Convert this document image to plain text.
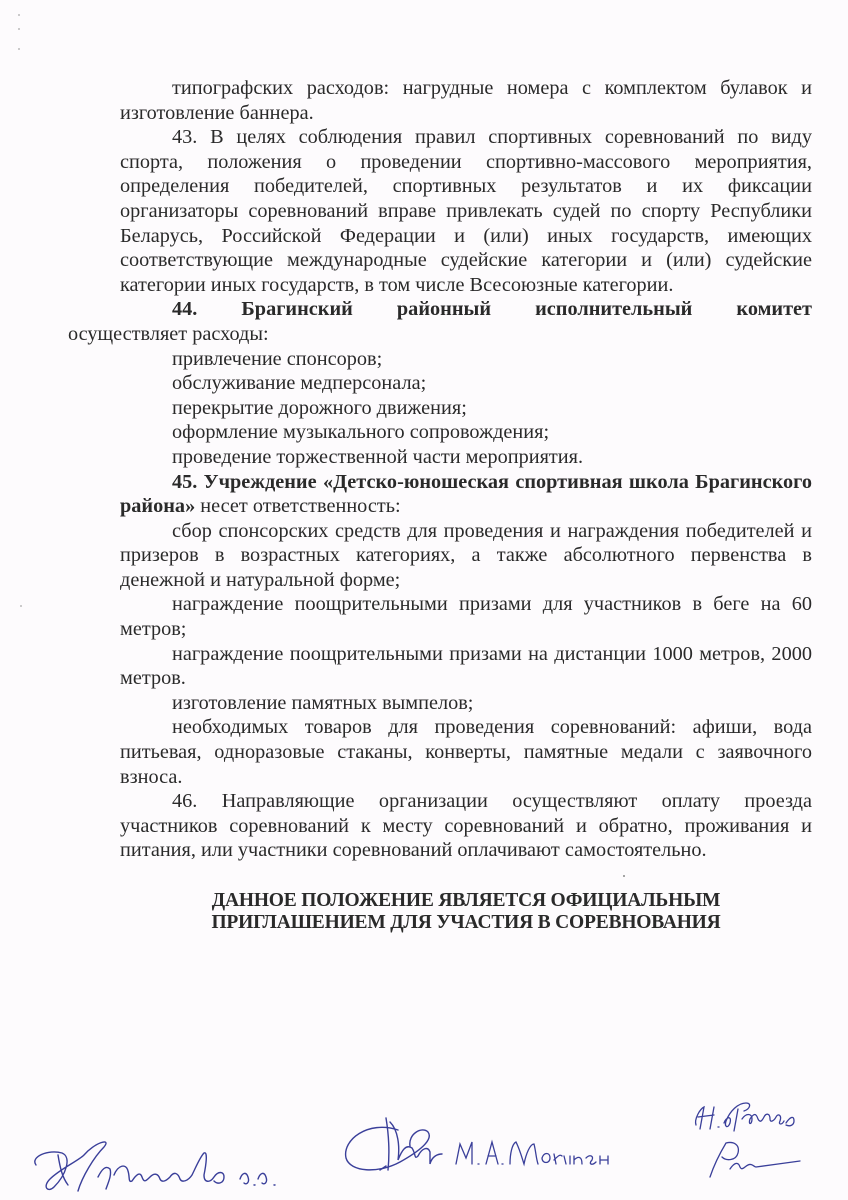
типографских расходов: нагрудные номера с комплектом булавок и изготовление баннера.

43. В целях соблюдения правил спортивных соревнований по виду спорта, положения о проведении спортивно-массового мероприятия, определения победителей, спортивных результатов и их фиксации организаторы соревнований вправе привлекать судей по спорту Республики Беларусь, Российской Федерации и (или) иных государств, имеющих соответствующие международные судейские категории и (или) судейские категории иных государств, в том числе Всесоюзные категории.

44. Брагинский районный исполнительный комитет
осуществляет расходы:

привлечение спонсоров;

обслуживание медперсонала;

перекрытие дорожного движения;

оформление музыкального сопровождения;

проведение торжественной части мероприятия.

45. Учреждение «Детско-юношеская спортивная школа Брагинского района» несет ответственность:

сбор спонсорских средств для проведения и награждения победителей и призеров в возрастных категориях, а также абсолютного первенства в денежной и натуральной форме;

награждение поощрительными призами для участников в беге на 60 метров;

награждение поощрительными призами на дистанции 1000 метров, 2000 метров.

изготовление памятных вымпелов;

необходимых товаров для проведения соревнований: афиши, вода питьевая, одноразовые стаканы, конверты, памятные медали с заявочного взноса.

46. Направляющие организации осуществляют оплату проезда участников соревнований к месту соревнований и обратно, проживания и питания, или участники соревнований оплачивают самостоятельно.

ДАННОЕ ПОЛОЖЕНИЕ ЯВЛЯЕТСЯ ОФИЦИАЛЬНЫМ
ПРИГЛАШЕНИЕМ ДЛЯ УЧАСТИЯ В СОРЕВНОВАНИЯ
